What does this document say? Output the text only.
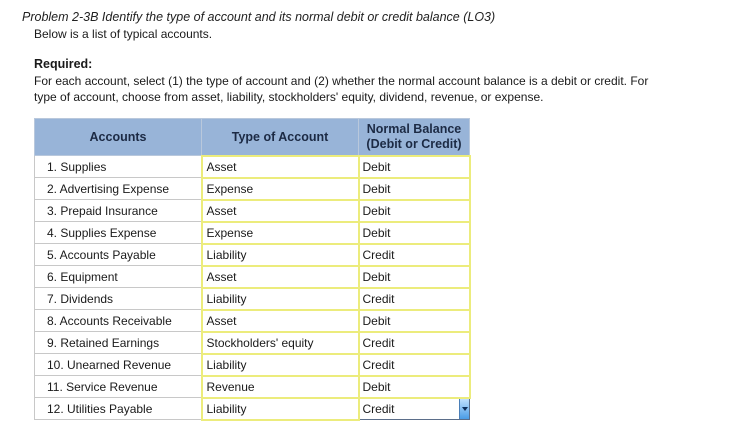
Problem 2-3B Identify the type of account and its normal debit or credit balance (LO3)
Below is a list of typical accounts.
Required:
For each account, select (1) the type of account and (2) whether the normal account balance is a debit or credit. For type of account, choose from asset, liability, stockholders' equity, dividend, revenue, or expense.
Accounts	Type of Account	Normal Balance
(Debit or Credit)
1. Supplies	Asset	Debit
2. Advertising Expense	Expense	Debit
3. Prepaid Insurance	Asset	Debit
4. Supplies Expense	Expense	Debit
5. Accounts Payable	Liability	Credit
6. Equipment	Asset	Debit
7. Dividends	Liability	Credit
8. Accounts Receivable	Asset	Debit
9. Retained Earnings	Stockholders' equity	Credit
10. Unearned Revenue	Liability	Credit
11. Service Revenue	Revenue	Debit
12. Utilities Payable	Liability	Credit
